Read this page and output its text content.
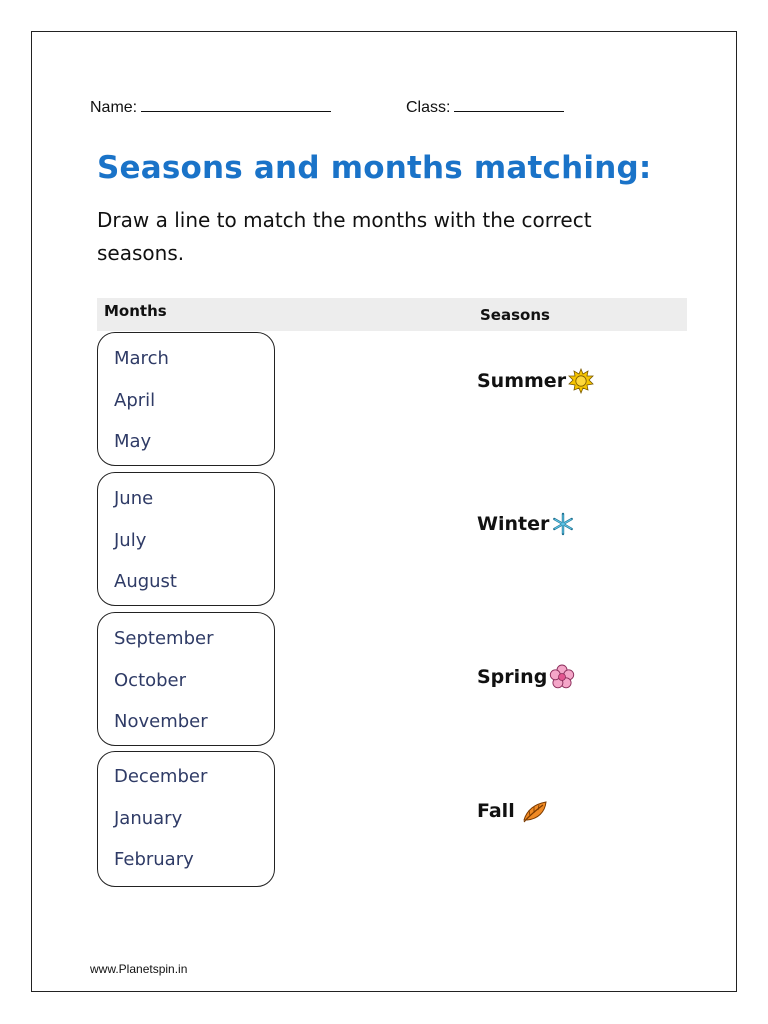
Name:	Class:
Seasons and months matching:
Draw a line to match the months with the correct seasons.
Months	Seasons
March
April
May
June
July
August
September
October
November
December
January
February
Summer
Winter
Spring
Fall
www.Planetspin.in
